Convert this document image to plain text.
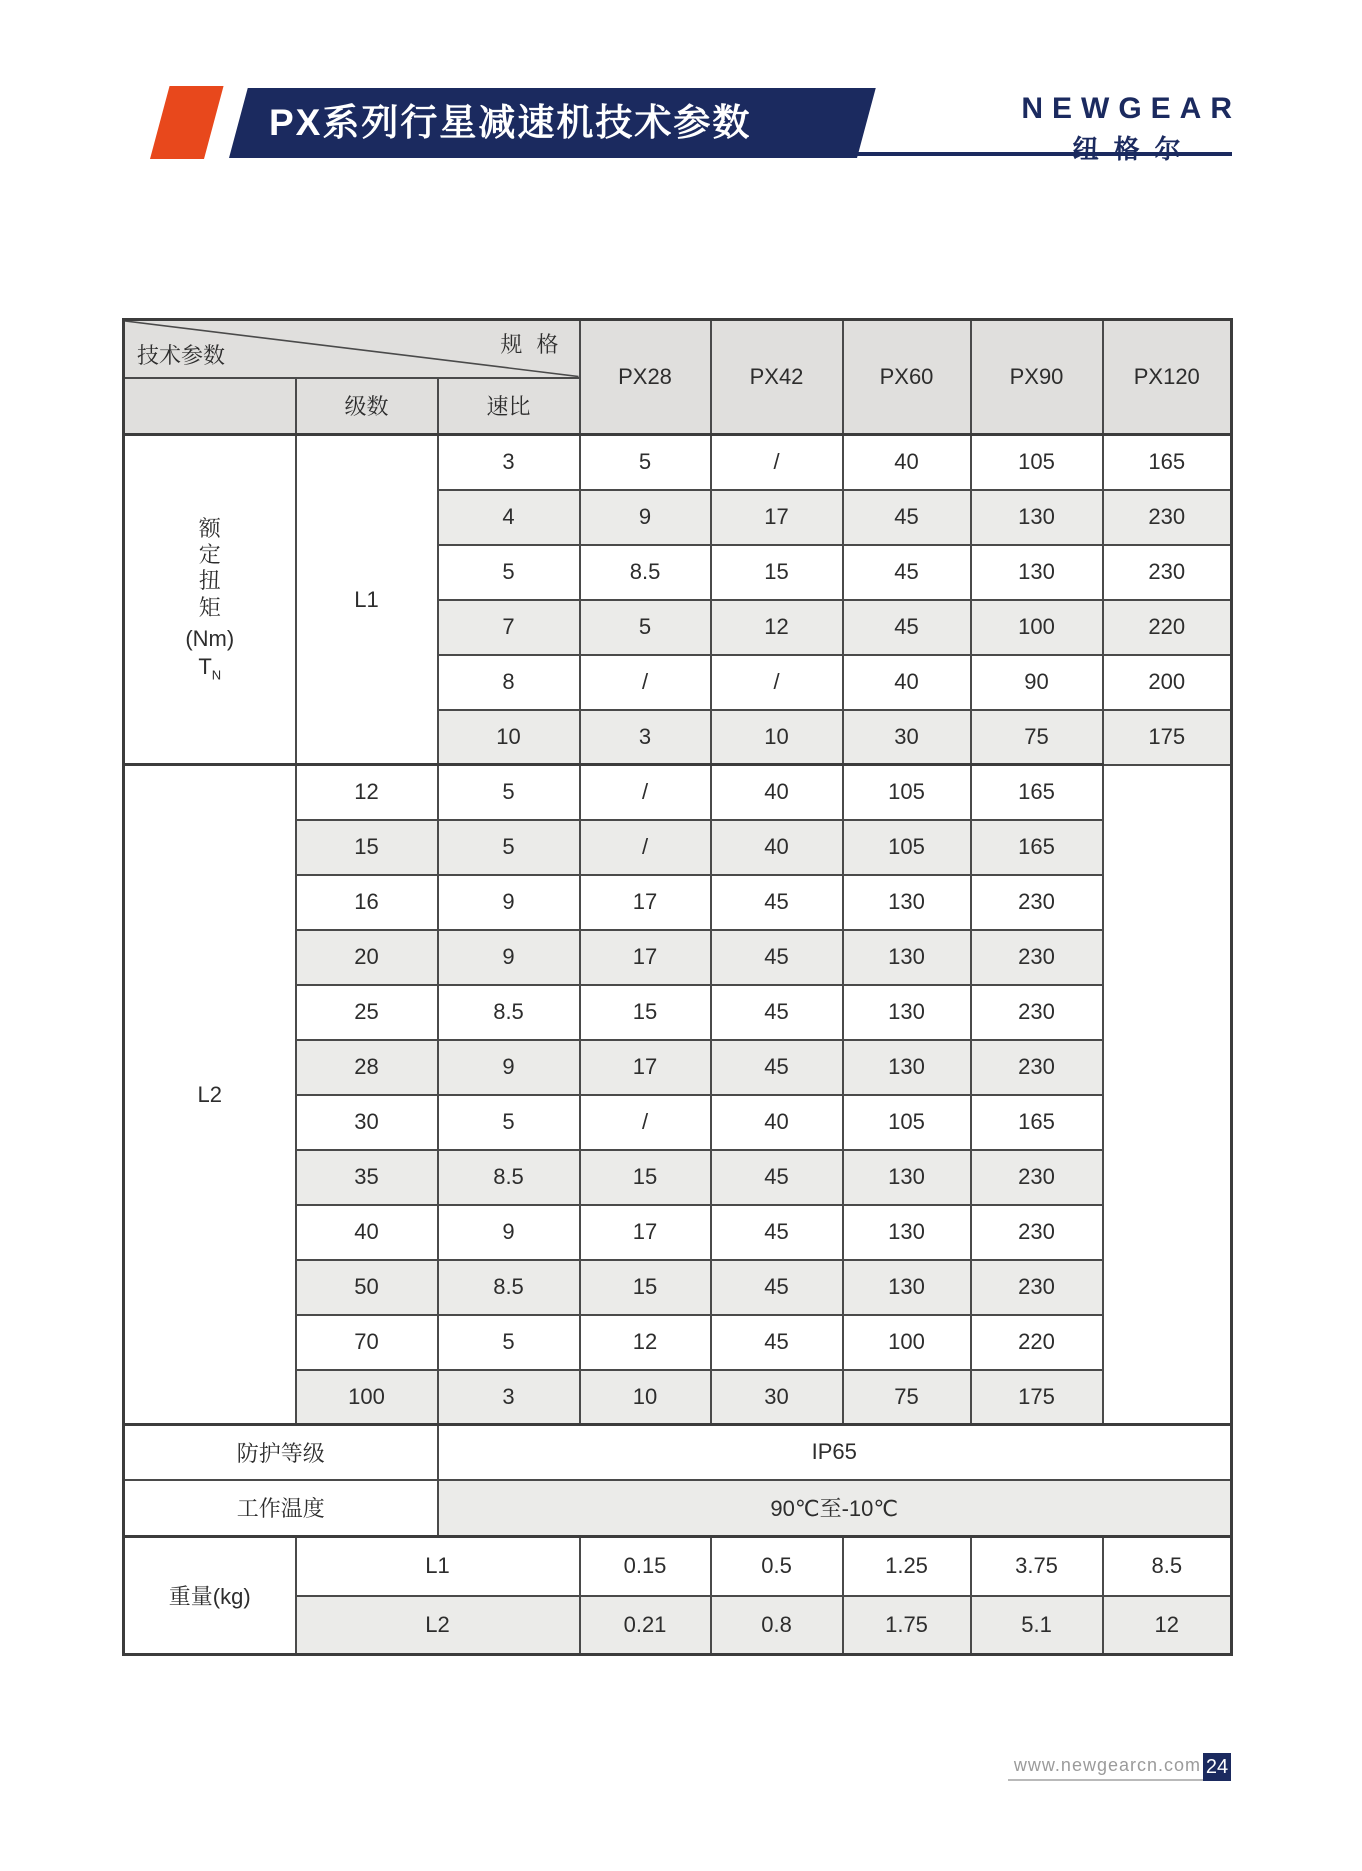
PX系列行星减速机技术参数	NEWGEAR
纽格尔
规 格
技术参数			PX28	PX42	PX60	PX90	PX120
	级数	速比					

额定扭矩
(Nm)
$T_N$	L1	3	5	/	40	105	165
		4	9	17	45	130	230
		5	8.5	15	45	130	230
		7	5	12	45	100	220
		8	/	/	40	90	200
		10	3	10	30	75	175
L2	12	5	/	40	105	165	
	15	5	/	40	105	165	
	16	9	17	45	130	230	
	20	9	17	45	130	230	
	25	8.5	15	45	130	230	
	28	9	17	45	130	230	
	30	5	/	40	105	165	
	35	8.5	15	45	130	230	
	40	9	17	45	130	230	
	50	8.5	15	45	130	230	
	70	5	12	45	100	220	
	100	3	10	30	75	175	
防护等级		IP65					
工作温度		90℃至-10℃					
重量(kg)	L1		0.15	0.5	1.25	3.75	8.5
	L2		0.21	0.8	1.75	5.1	12
www.newgearcn.com 24
